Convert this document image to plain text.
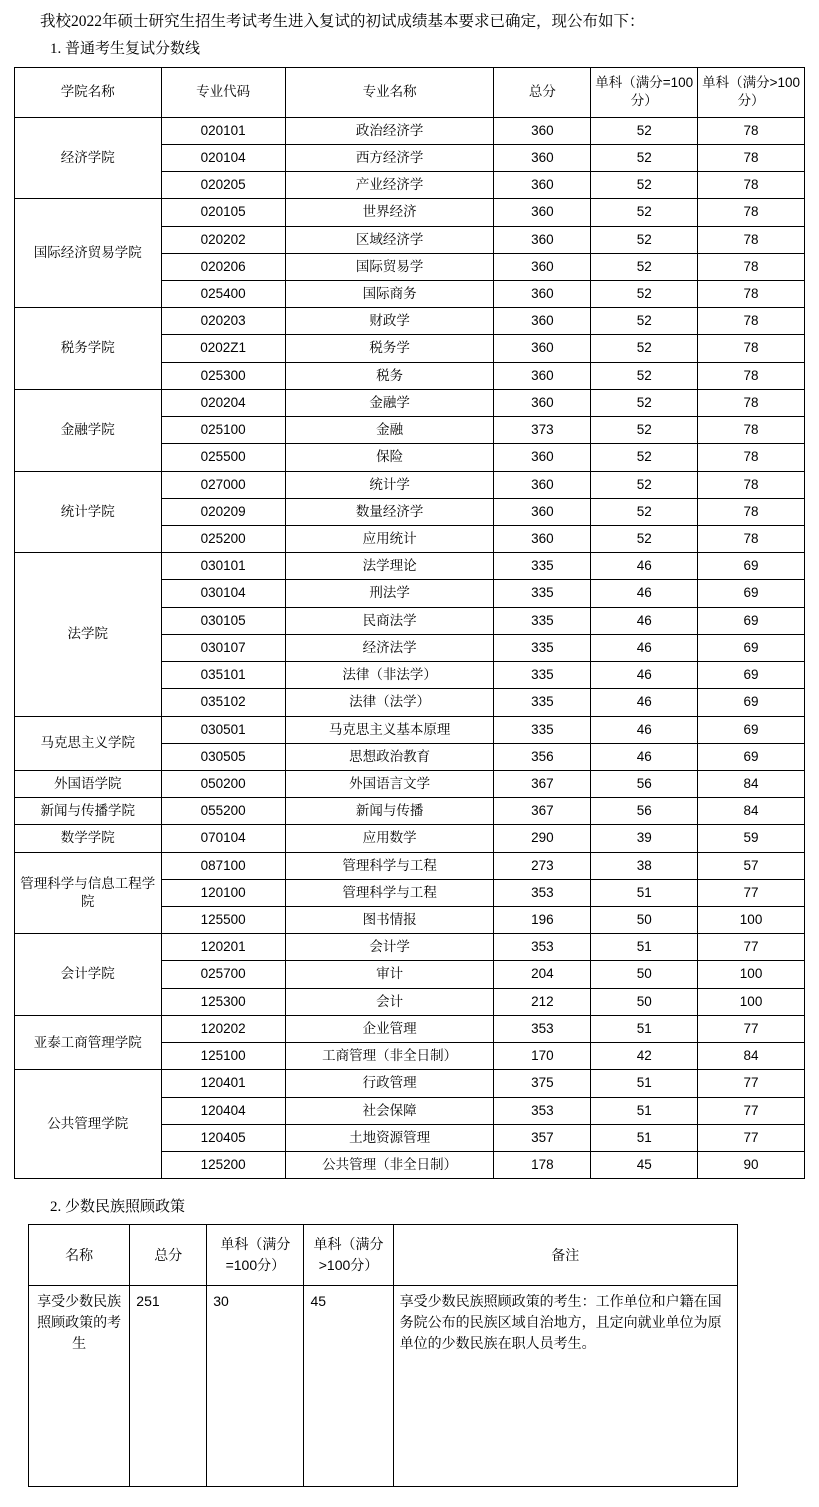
我校2022年硕士研究生招生考试考生进入复试的初试成绩基本要求已确定，现公布如下：

1. 普通考生复试分数线

学院名称	专业代码	专业名称	总分	单科（满分=100分）	单科（满分>100分）
经济学院	020101	政治经济学	360	52	78
	020104	西方经济学	360	52	78
	020205	产业经济学	360	52	78
国际经济贸易学院	020105	世界经济	360	52	78
	020202	区域经济学	360	52	78
	020206	国际贸易学	360	52	78
	025400	国际商务	360	52	78
税务学院	020203	财政学	360	52	78
	0202Z1	税务学	360	52	78
	025300	税务	360	52	78
金融学院	020204	金融学	360	52	78
	025100	金融	373	52	78
	025500	保险	360	52	78
统计学院	027000	统计学	360	52	78
	020209	数量经济学	360	52	78
	025200	应用统计	360	52	78
法学院	030101	法学理论	335	46	69
	030104	刑法学	335	46	69
	030105	民商法学	335	46	69
	030107	经济法学	335	46	69
	035101	法律（非法学）	335	46	69
	035102	法律（法学）	335	46	69
马克思主义学院	030501	马克思主义基本原理	335	46	69
	030505	思想政治教育	356	46	69
外国语学院	050200	外国语言文学	367	56	84
新闻与传播学院	055200	新闻与传播	367	56	84
数学学院	070104	应用数学	290	39	59
管理科学与信息工程学院	087100	管理科学与工程	273	38	57
	120100	管理科学与工程	353	51	77
	125500	图书情报	196	50	100
会计学院	120201	会计学	353	51	77
	025700	审计	204	50	100
	125300	会计	212	50	100
亚泰工商管理学院	120202	企业管理	353	51	77
	125100	工商管理（非全日制）	170	42	84
公共管理学院	120401	行政管理	375	51	77
	120404	社会保障	353	51	77
	120405	土地资源管理	357	51	77
	125200	公共管理（非全日制）	178	45	90

2. 少数民族照顾政策

名称	总分	单科（满分=100分）	单科（满分>100分）	备注
享受少数民族照顾政策的考生	251	30	45	享受少数民族照顾政策的考生：工作单位和户籍在国务院公布的民族区域自治地方，且定向就业单位为原单位的少数民族在职人员考生。
